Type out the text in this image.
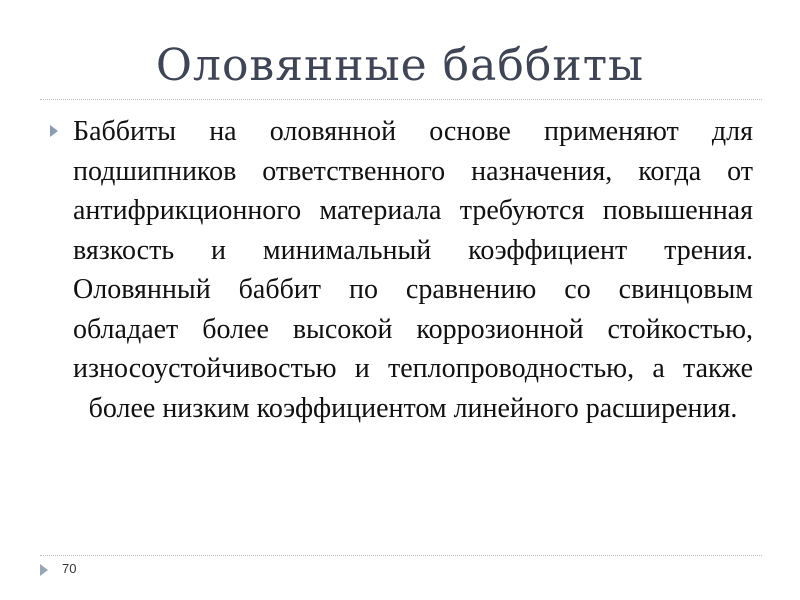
Оловянные баббиты

Баббиты на оловянной основе применяют для подшипников ответственного назначения, когда от антифрикционного материала требуются повышенная вязкость и минимальный коэффициент трения. Оловянный баббит по сравнению со свинцовым обладает более высокой коррозионной стойкостью, износоустойчивостью и теплопроводностью, а также более низким коэффициентом линейного расширения.

70
